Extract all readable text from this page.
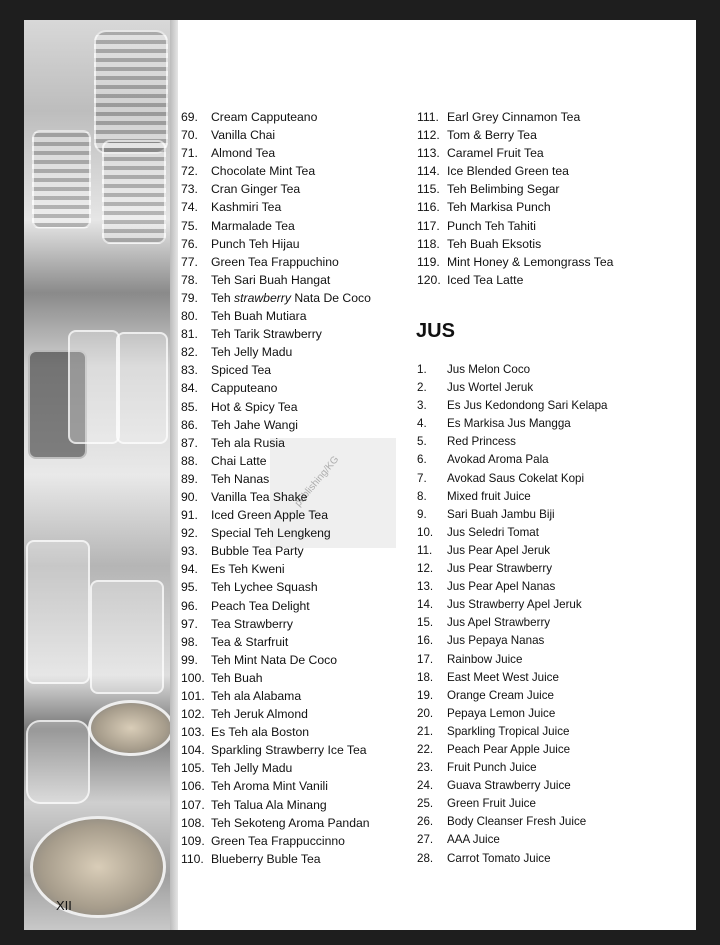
publishing/KG
69. Cream Capputeano
70. Vanilla Chai
71. Almond Tea
72. Chocolate Mint Tea
73. Cran Ginger Tea
74. Kashmiri Tea
75. Marmalade Tea
76. Punch Teh Hijau
77. Green Tea Frappuchino
78. Teh Sari Buah Hangat
79. Teh strawberry Nata De Coco
80. Teh Buah Mutiara
81. Teh Tarik Strawberry
82. Teh Jelly Madu
83. Spiced Tea
84. Capputeano
85. Hot & Spicy Tea
86. Teh Jahe Wangi
87. Teh ala Rusia
88. Chai Latte
89. Teh Nanas
90. Vanilla Tea Shake
91. Iced Green Apple Tea
92. Special Teh Lengkeng
93. Bubble Tea Party
94. Es Teh Kweni
95. Teh Lychee Squash
96. Peach Tea Delight
97. Tea Strawberry
98. Tea & Starfruit
99. Teh Mint Nata De Coco
100. Teh Buah
101. Teh ala Alabama
102. Teh Jeruk Almond
103. Es Teh ala Boston
104. Sparkling Strawberry Ice Tea
105. Teh Jelly Madu
106. Teh Aroma Mint Vanili
107. Teh Talua Ala Minang
108. Teh Sekoteng Aroma Pandan
109. Green Tea Frappuccinno
110. Blueberry Buble Tea
111. Earl Grey Cinnamon Tea
112. Tom & Berry Tea
113. Caramel Fruit Tea
114. Ice Blended Green tea
115. Teh Belimbing Segar
116. Teh Markisa Punch
117. Punch Teh Tahiti
118. Teh Buah Eksotis
119. Mint Honey & Lemongrass Tea
120. Iced Tea Latte
JUS
1. Jus Melon Coco
2. Jus Wortel Jeruk
3. Es Jus Kedondong Sari Kelapa
4. Es Markisa Jus Mangga
5. Red Princess
6. Avokad Aroma Pala
7. Avokad Saus Cokelat Kopi
8. Mixed fruit Juice
9. Sari Buah Jambu Biji
10. Jus Seledri Tomat
11. Jus Pear Apel Jeruk
12. Jus Pear Strawberry
13. Jus Pear Apel Nanas
14. Jus Strawberry Apel Jeruk
15. Jus Apel Strawberry
16. Jus Pepaya Nanas
17. Rainbow Juice
18. East Meet West Juice
19. Orange Cream Juice
20. Pepaya Lemon Juice
21. Sparkling Tropical Juice
22. Peach Pear Apple Juice
23. Fruit Punch Juice
24. Guava Strawberry Juice
25. Green Fruit Juice
26. Body Cleanser Fresh Juice
27. AAA Juice
28. Carrot Tomato Juice
XII
